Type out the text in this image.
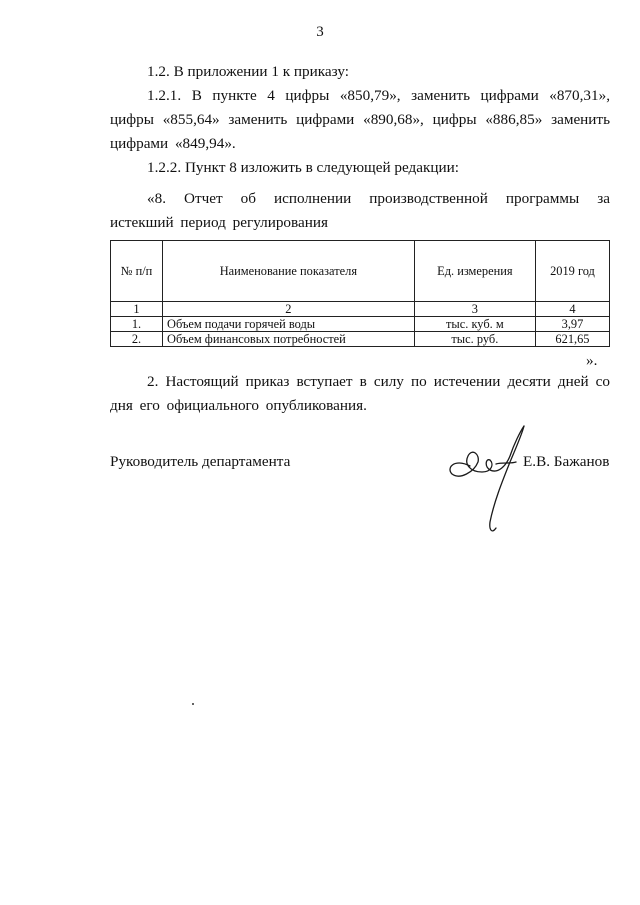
3

1.2. В приложении 1 к приказу:

1.2.1. В пункте 4 цифры «850,79», заменить цифрами «870,31», цифры «855,64» заменить цифрами «890,68», цифры «886,85» заменить цифрами «849,94».

1.2.2. Пункт 8 изложить в следующей редакции:

«8. Отчет об исполнении производственной программы за истекший период регулирования

№ п/п	Наименование показателя	Ед. измерения	2019 год
1	2	3	4
1.	Объем подачи горячей воды	тыс. куб. м	3,97
2.	Объем финансовых потребностей	тыс. руб.	621,65
».

2. Настоящий приказ вступает в силу по истечении десяти дней со дня его официального опубликования.

Руководитель департамента	Е.В. Бажанов
